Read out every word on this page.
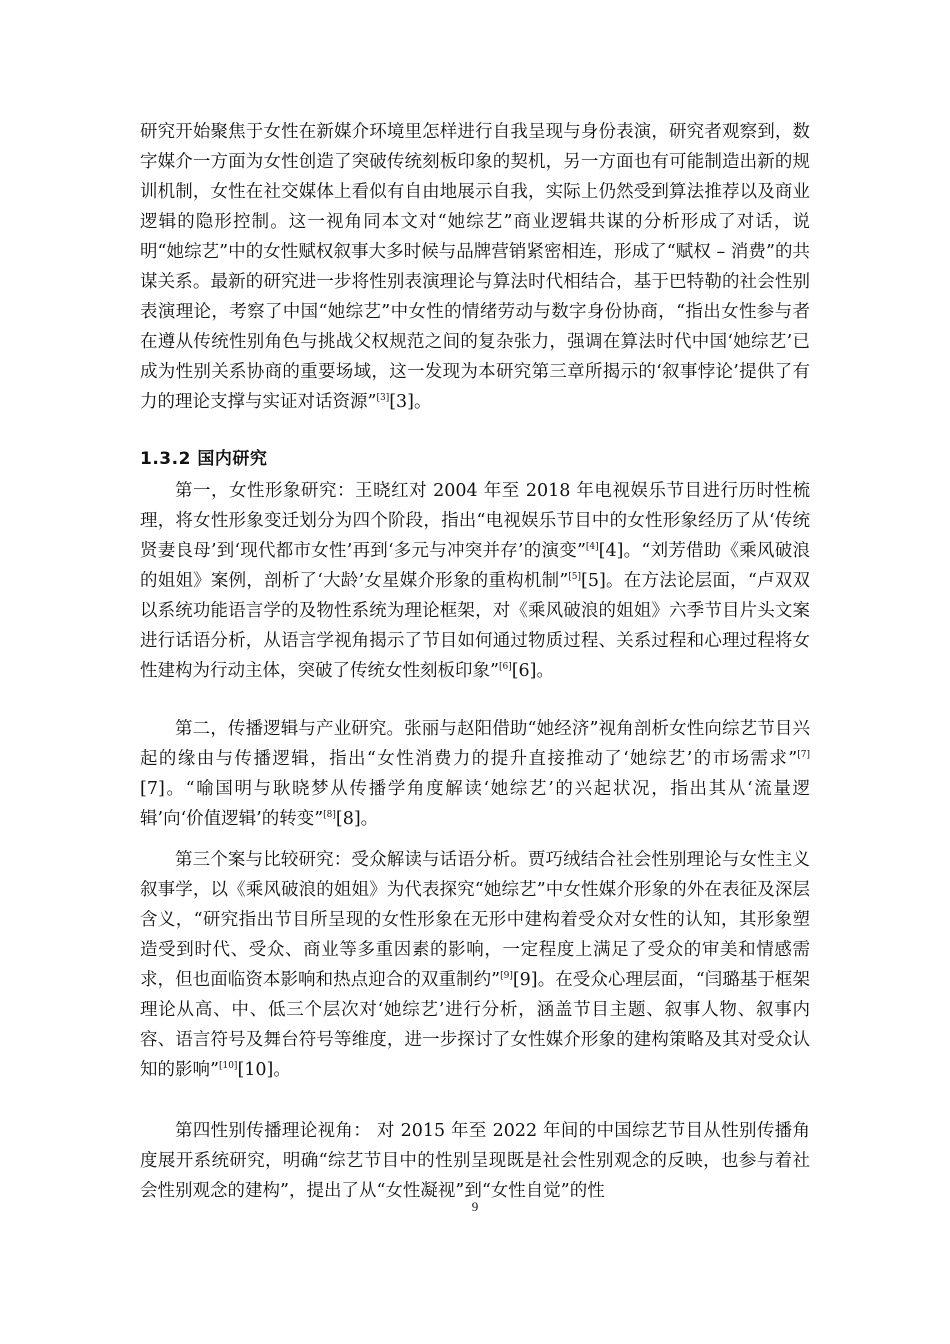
研究开始聚焦于女性在新媒介环境里怎样进行自我呈现与身份表演，研究者观察到，数字媒介一方面为女性创造了突破传统刻板印象的契机，另一方面也有可能制造出新的规训机制，女性在社交媒体上看似有自由地展示自我，实际上仍然受到算法推荐以及商业逻辑的隐形控制。这一视角同本文对“她综艺”商业逻辑共谋的分析形成了对话，说明“她综艺”中的女性赋权叙事大多时候与品牌营销紧密相连，形成了“赋权 – 消费”的共谋关系。最新的研究进一步将性别表演理论与算法时代相结合，基于巴特勒的社会性别表演理论，考察了中国“她综艺”中女性的情绪劳动与数字身份协商，“指出女性参与者在遵从传统性别角色与挑战父权规范之间的复杂张力，强调在算法时代中国‘她综艺’已成为性别关系协商的重要场域，这一发现为本研究第三章所揭示的‘叙事悖论’提供了有力的理论支撑与实证对话资源”[3][3]。

1.3.2 国内研究

第一，女性形象研究：王晓红对 2004 年至 2018 年电视娱乐节目进行历时性梳理，将女性形象变迁划分为四个阶段，指出“电视娱乐节目中的女性形象经历了从‘传统贤妻良母’到‘现代都市女性’再到‘多元与冲突并存’的演变”[4][4]。“刘芳借助《乘风破浪的姐姐》案例，剖析了‘大龄’女星媒介形象的重构机制”[5][5]。在方法论层面，“卢双双以系统功能语言学的及物性系统为理论框架，对《乘风破浪的姐姐》六季节目片头文案进行话语分析，从语言学视角揭示了节目如何通过物质过程、关系过程和心理过程将女性建构为行动主体，突破了传统女性刻板印象”[6][6]。

第二，传播逻辑与产业研究。张丽与赵阳借助“她经济”视角剖析女性向综艺节目兴起的缘由与传播逻辑，指出“女性消费力的提升直接推动了‘她综艺’的市场需求”[7][7]。“喻国明与耿晓梦从传播学角度解读‘她综艺’的兴起状况，指出其从‘流量逻辑’向‘价值逻辑’的转变”[8][8]。

第三个案与比较研究：受众解读与话语分析。贾巧绒结合社会性别理论与女性主义叙事学，以《乘风破浪的姐姐》为代表探究“她综艺”中女性媒介形象的外在表征及深层含义，“研究指出节目所呈现的女性形象在无形中建构着受众对女性的认知，其形象塑造受到时代、受众、商业等多重因素的影响，一定程度上满足了受众的审美和情感需求，但也面临资本影响和热点迎合的双重制约”[9][9]。在受众心理层面，“闫璐基于框架理论从高、中、低三个层次对‘她综艺’进行分析，涵盖节目主题、叙事人物、叙事内容、语言符号及舞台符号等维度，进一步探讨了女性媒介形象的建构策略及其对受众认知的影响”[10][10]。

第四性别传播理论视角： 对 2015 年至 2022 年间的中国综艺节目从性别传播角度展开系统研究，明确“综艺节目中的性别呈现既是社会性别观念的反映，也参与着社会性别观念的建构”，提出了从“女性凝视”到“女性自觉”的性

9
